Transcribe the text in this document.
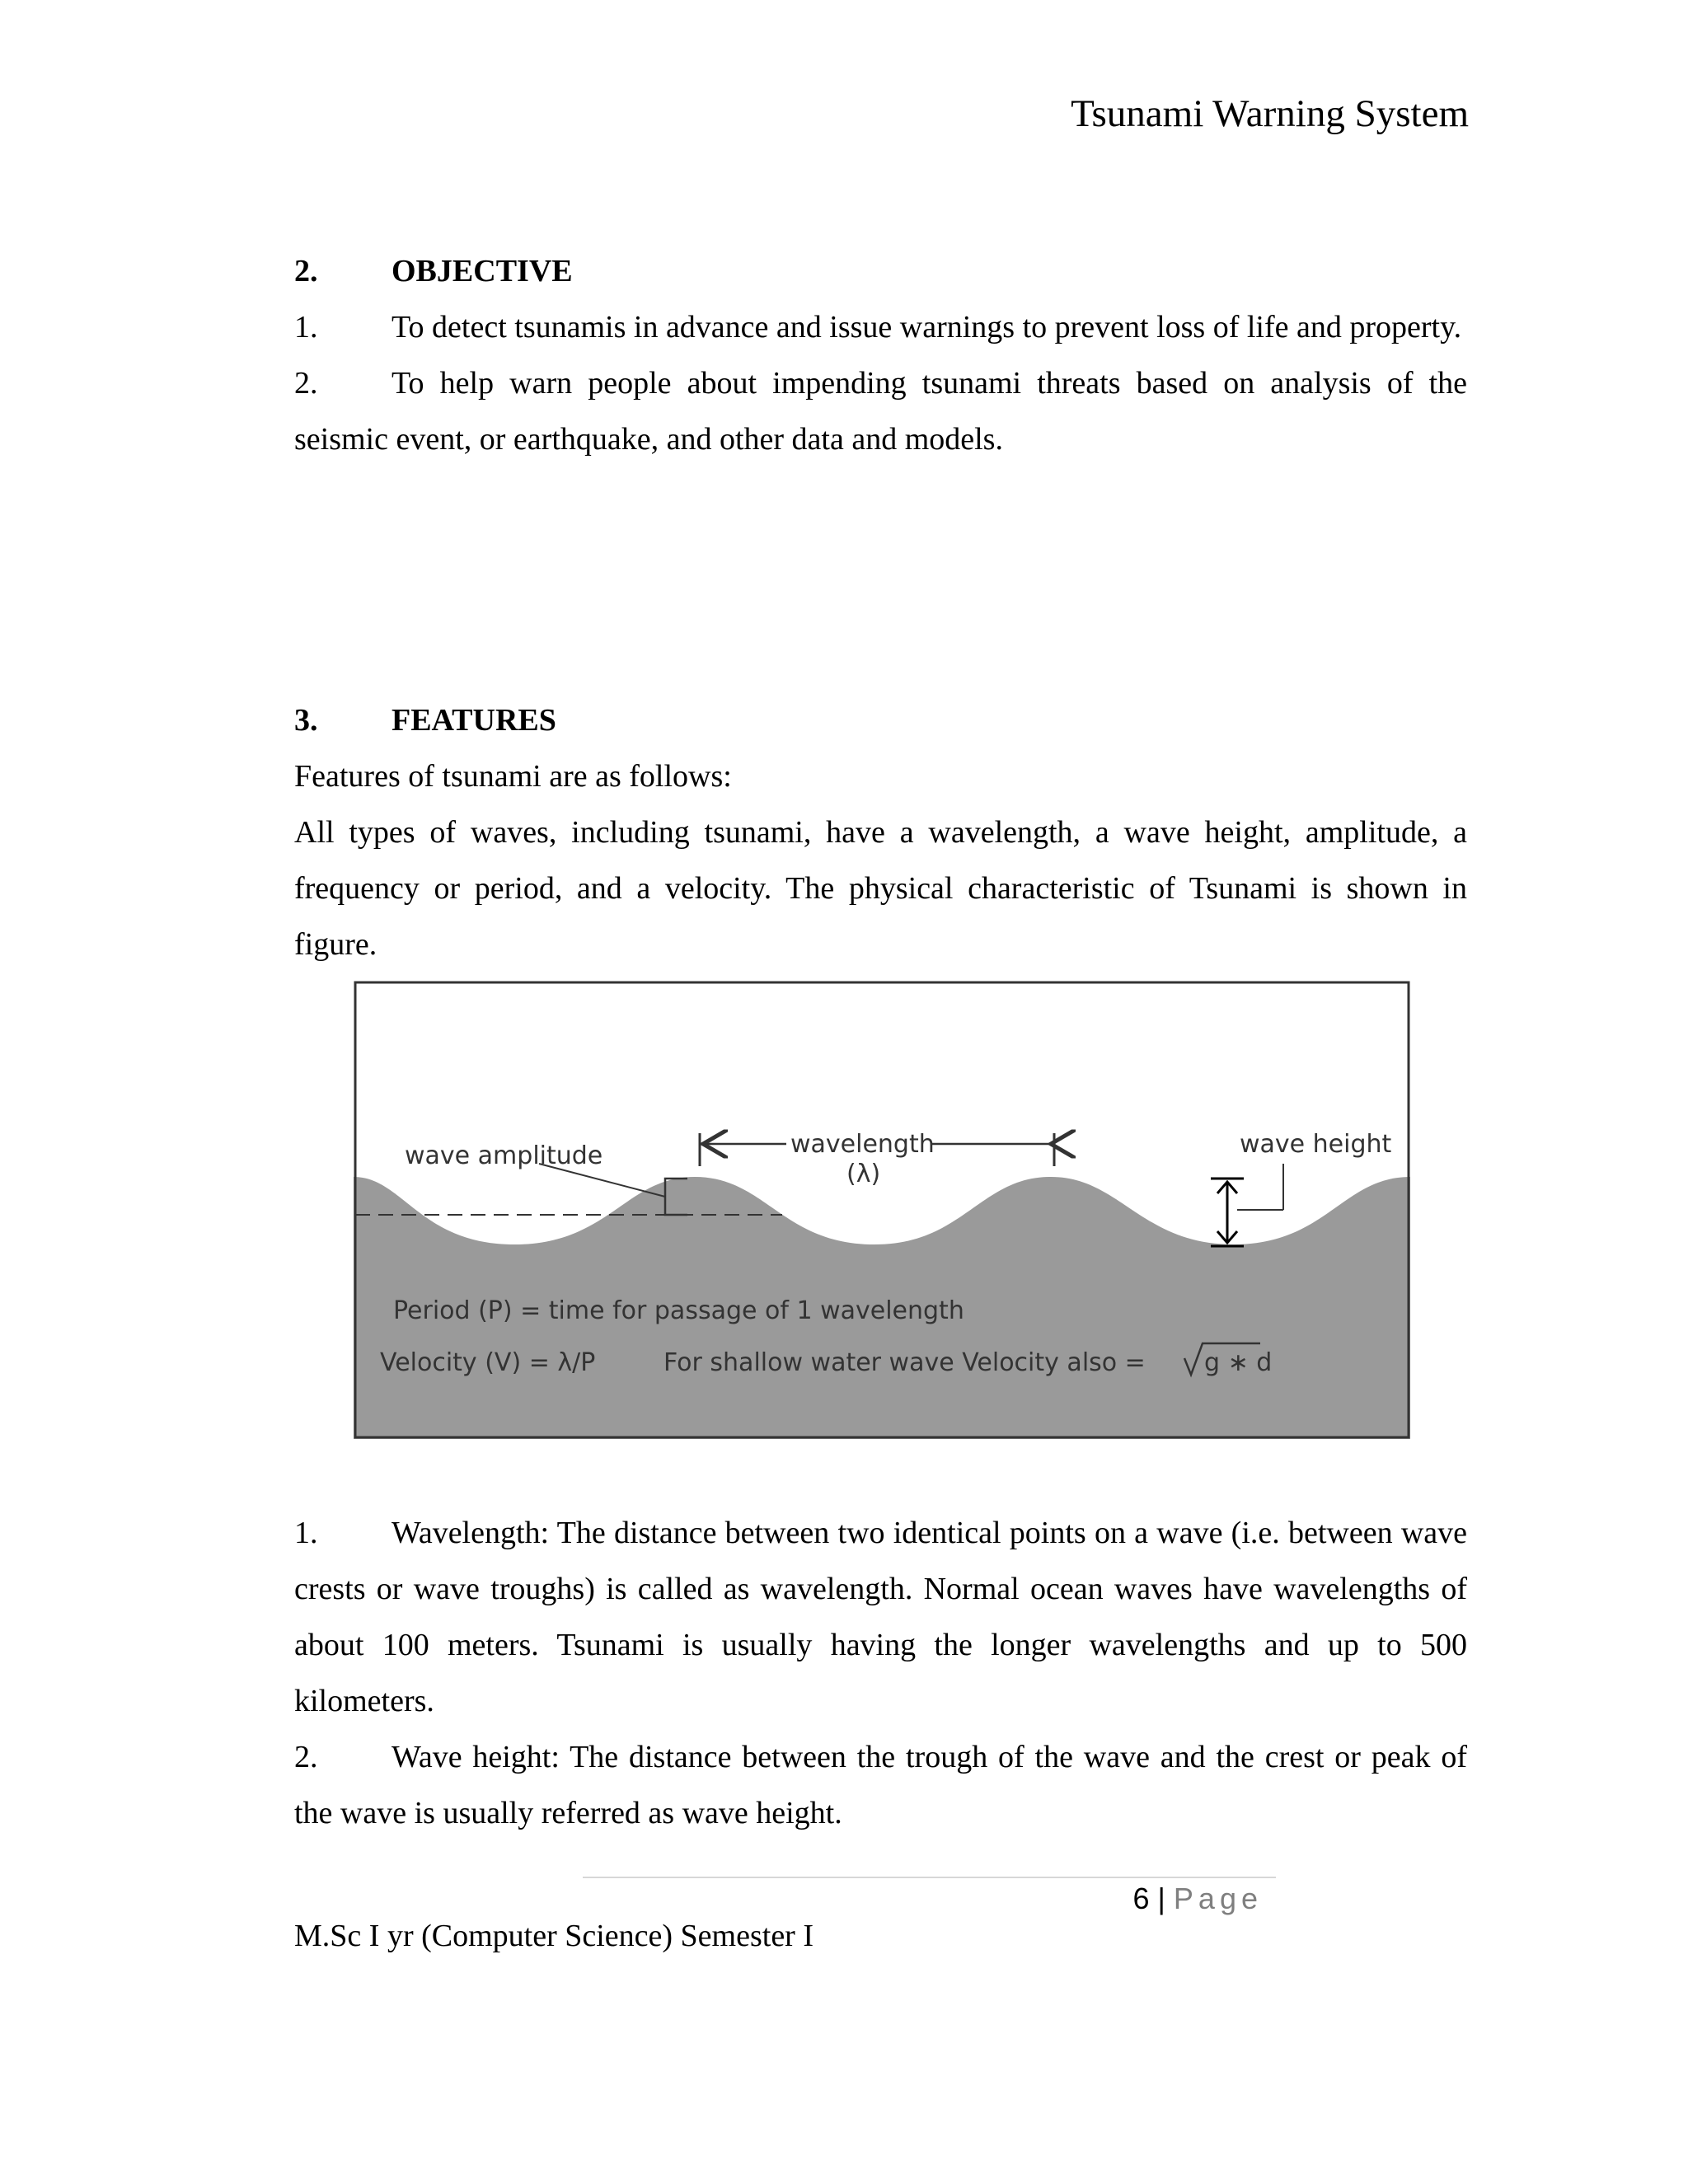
Tsunami Warning System
2. OBJECTIVE

1. To detect tsunamis in advance and issue warnings to prevent loss of life and property.

2. To help warn people about impending tsunami threats based on analysis of the seismic event, or earthquake, and other data and models.

3. FEATURES

Features of tsunami are as follows:

All types of waves, including tsunami, have a wavelength, a wave height, amplitude, a frequency or period, and a velocity. The physical characteristic of Tsunami is shown in figure.

1. Wavelength: The distance between two identical points on a wave (i.e. between wave crests or wave troughs) is called as wavelength. Normal ocean waves have wavelengths of about 100 meters. Tsunami is usually having the longer wavelengths and up to 500 kilometers.

2. Wave height: The distance between the trough of the wave and the crest or peak of the wave is usually referred as wave height.

wave amplitude	wavelength
(λ)
wave height
Period (P) = time for passage of 1 wavelength
Velocity (V) = λ/P	For shallow water wave Velocity also = g ∗ d
6 | Page
M.Sc I yr (Computer Science) Semester I
